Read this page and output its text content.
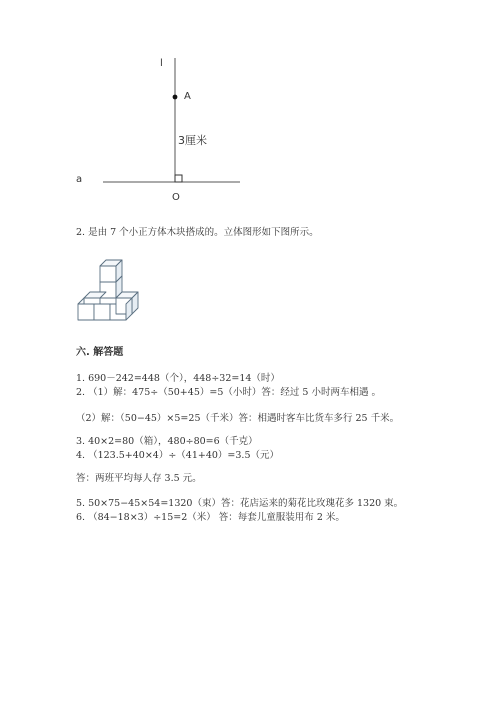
l
A
3厘米
a
O
2. 是由 7 个小正方体木块搭成的。立体图形如下图所示。
六. 解答题
1. 690－242=448（个），448÷32=14（时）
2. （1）解：475÷（50+45）=5（小时）答：经过 5 小时两车相遇 。
（2）解：（50−45）×5=25（千米）答：相遇时客车比货车多行 25 千米。
3. 40×2=80（箱），480÷80=6（千克）
4. （123.5+40×4）÷（41+40）=3.5（元）
答：两班平均每人存 3.5 元。
5. 50×75−45×54=1320（束）答：花店运来的菊花比玫瑰花多 1320 束。
6. （84−18×3）÷15=2（米） 答：每套儿童服装用布 2 米。
